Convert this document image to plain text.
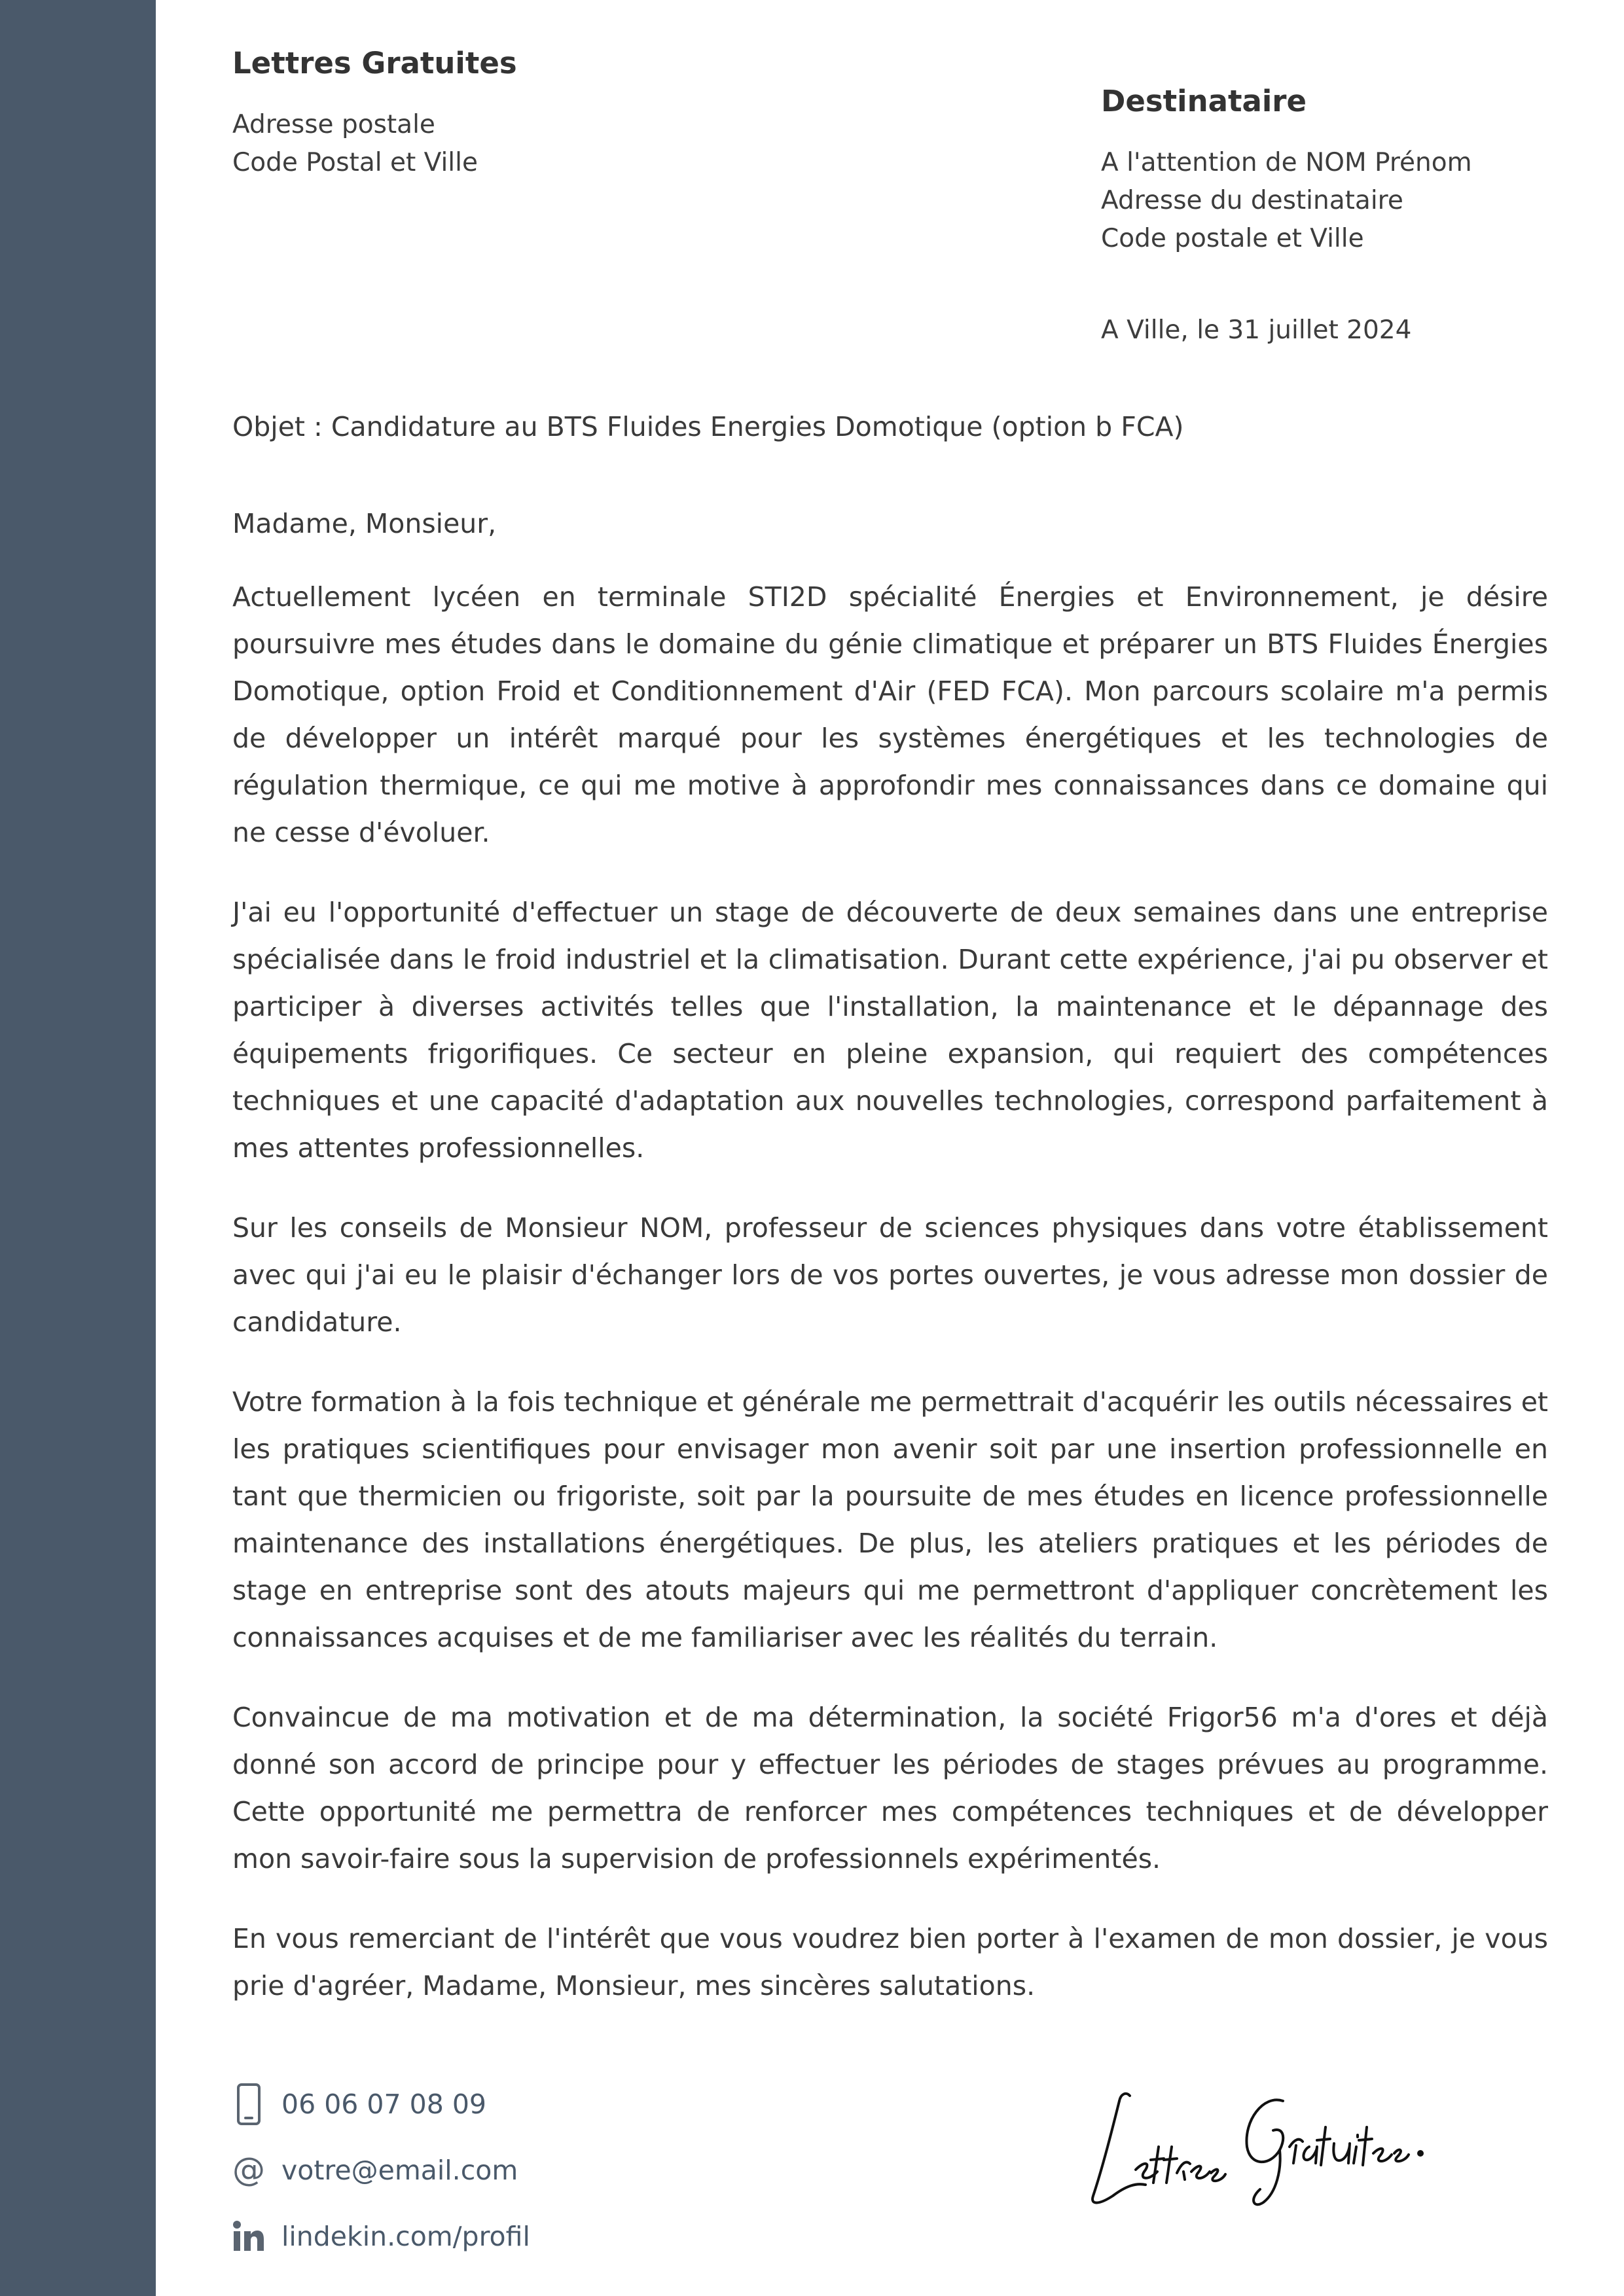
Lettres Gratuites
Adresse postale
Code Postal et Ville
Destinataire
A l'attention de NOM Prénom
Adresse du destinataire
Code postale et Ville
A Ville, le 31 juillet 2024
Objet : Candidature au BTS Fluides Energies Domotique (option b FCA)
Madame, Monsieur,

Actuellement lycéen en terminale STI2D spécialité Énergies et Environnement, je désire poursuivre mes études dans le domaine du génie climatique et préparer un BTS Fluides Énergies Domotique, option Froid et Conditionnement d'Air (FED FCA). Mon parcours scolaire m'a permis de développer un intérêt marqué pour les systèmes énergétiques et les technologies de régulation thermique, ce qui me motive à approfondir mes connaissances dans ce domaine qui ne cesse d'évoluer.

J'ai eu l'opportunité d'effectuer un stage de découverte de deux semaines dans une entreprise spécialisée dans le froid industriel et la climatisation. Durant cette expérience, j'ai pu observer et participer à diverses activités telles que l'installation, la maintenance et le dépannage des équipements frigorifiques. Ce secteur en pleine expansion, qui requiert des compétences techniques et une capacité d'adaptation aux nouvelles technologies, correspond parfaitement à mes attentes professionnelles.

Sur les conseils de Monsieur NOM, professeur de sciences physiques dans votre établissement avec qui j'ai eu le plaisir d'échanger lors de vos portes ouvertes, je vous adresse mon dossier de candidature.

Votre formation à la fois technique et générale me permettrait d'acquérir les outils nécessaires et les pratiques scientifiques pour envisager mon avenir soit par une insertion professionnelle en tant que thermicien ou frigoriste, soit par la poursuite de mes études en licence professionnelle maintenance des installations énergétiques. De plus, les ateliers pratiques et les périodes de stage en entreprise sont des atouts majeurs qui me permettront d'appliquer concrètement les connaissances acquises et de me familiariser avec les réalités du terrain.

Convaincue de ma motivation et de ma détermination, la société Frigor56 m'a d'ores et déjà donné son accord de principe pour y effectuer les périodes de stages prévues au programme. Cette opportunité me permettra de renforcer mes compétences techniques et de développer mon savoir-faire sous la supervision de professionnels expérimentés.

En vous remerciant de l'intérêt que vous voudrez bien porter à l'examen de mon dossier, je vous prie d'agréer, Madame, Monsieur, mes sincères salutations.

06 06 07 08 09
@ votre@email.com
lindekin.com/profil
